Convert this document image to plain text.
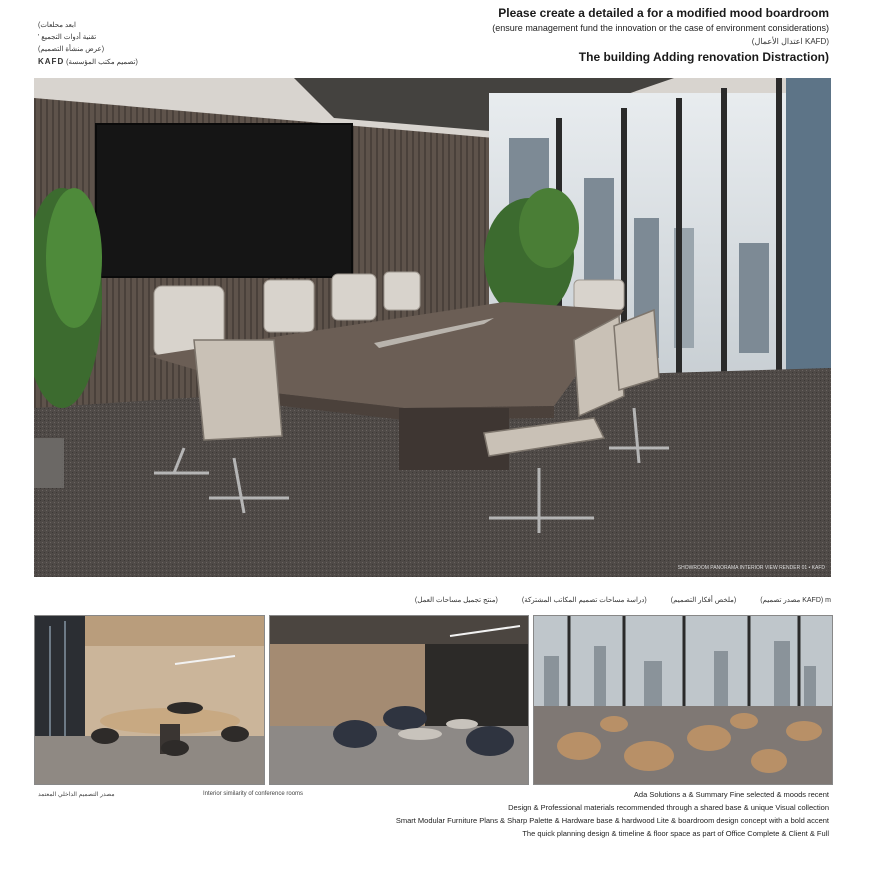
(ابعد محلعات
' تقنية أدوات التجميع
(عرض منشأة التصميم)
KAFD (تصميم مكتب المؤسسة)
Please create a detailed a for a modified mood boardroom
(ensure management fund the innovation or the case of environment considerations)
(اعتدال الأعمال KAFD)
The building Adding renovation Distraction)
SHOWROOM PANORAMA INTERIOR VIEW RENDER 01 • KAFD
(منتج تجميل مساحات العمل)	(دراسة مساحات تصميم المكاتب المشتركة)	(ملخص أفكار التصميم)	(مصدر تصميم KAFD) m
مصدر التصميم الداخلي المعتمد	Interior similarity of conference rooms	Ada Solutions a & Summary Fine selected & moods recent
Design & Professional materials recommended through a shared base & unique Visual collection
Smart Modular Furniture Plans & Sharp Palette & Hardware base & hardwood Lite & boardroom design concept with a bold accent
The quick planning design & timeline & floor space as part of Office Complete & Client & Full
